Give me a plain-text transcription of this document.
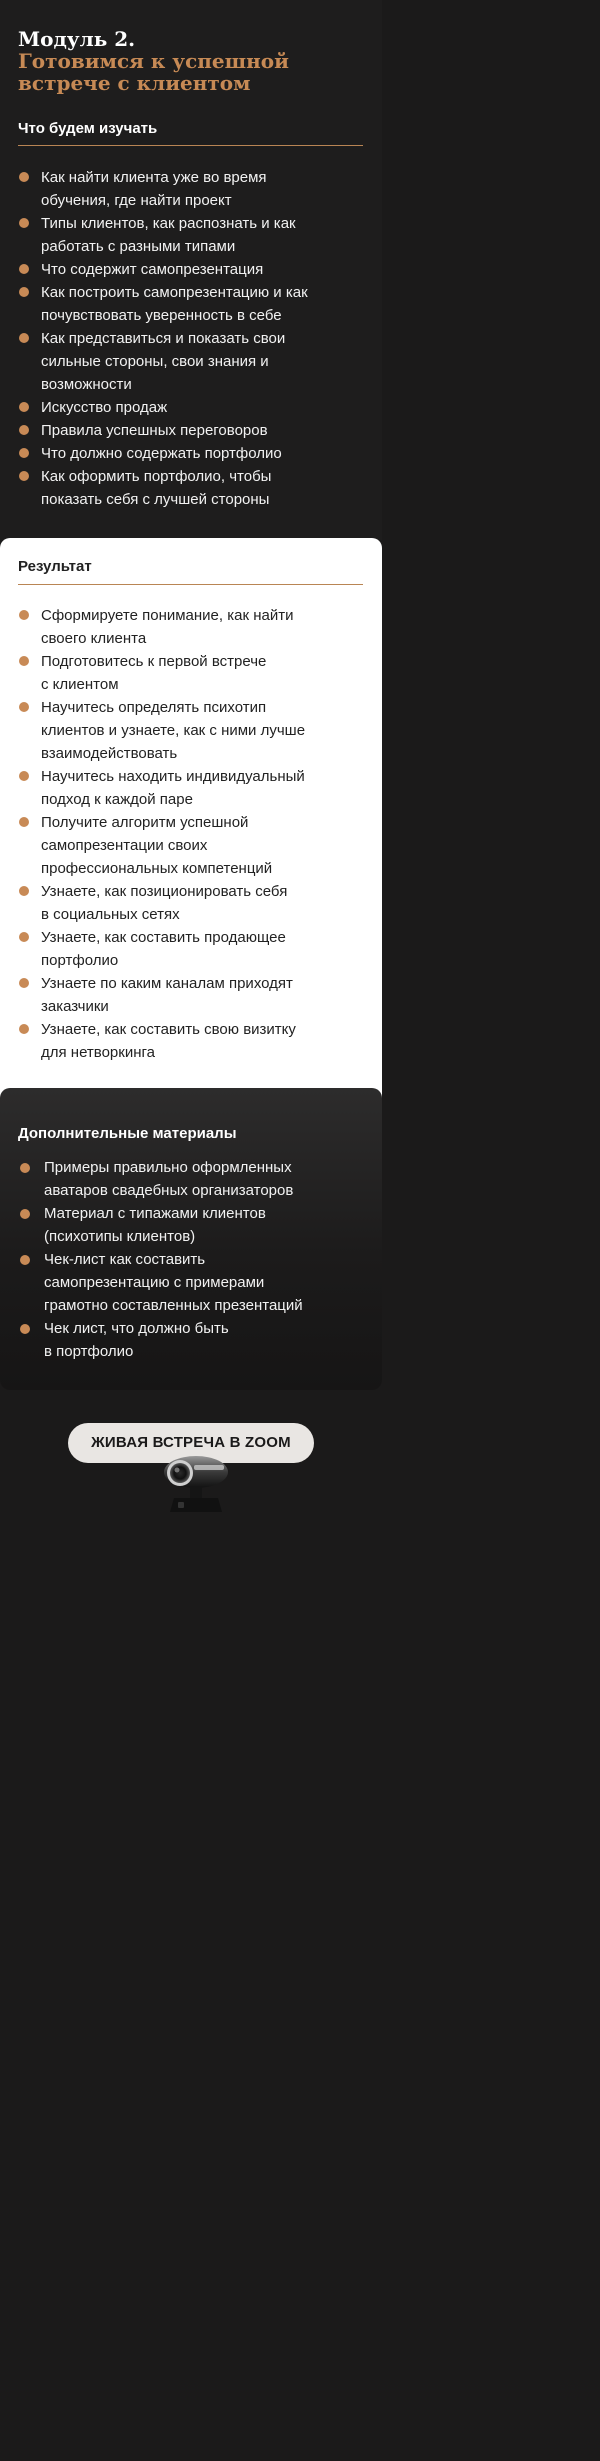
Модуль 2.
Готовимся к успешной
встрече с клиентом
Что будем изучать
Как найти клиента уже во время
обучения, где найти проект
Типы клиентов, как распознать и как
работать с разными типами
Что содержит самопрезентация
Как построить самопрезентацию и как
почувствовать уверенность в себе
Как представиться и показать свои
сильные стороны, свои знания и
возможности
Искусство продаж
Правила успешных переговоров
Что должно содержать портфолио
Как оформить портфолио, чтобы
показать себя с лучшей стороны
Результат
Сформируете понимание, как найти
своего клиента
Подготовитесь к первой встрече
с клиентом
Научитесь определять психотип
клиентов и узнаете, как с ними лучше
взаимодействовать
Научитесь находить индивидуальный
подход к каждой паре
Получите алгоритм успешной
самопрезентации своих
профессиональных компетенций
Узнаете, как позиционировать себя
в социальных сетях
Узнаете, как составить продающее
портфолио
Узнаете по каким каналам приходят
заказчики
Узнаете, как составить свою визитку
для нетворкинга
Дополнительные материалы
Примеры правильно оформленных
аватаров свадебных организаторов
Материал с типажами клиентов
(психотипы клиентов)
Чек-лист как составить
самопрезентацию с примерами
грамотно составленных презентаций
Чек лист, что должно быть
в портфолио
ЖИВАЯ ВСТРЕЧА В ZOOM
